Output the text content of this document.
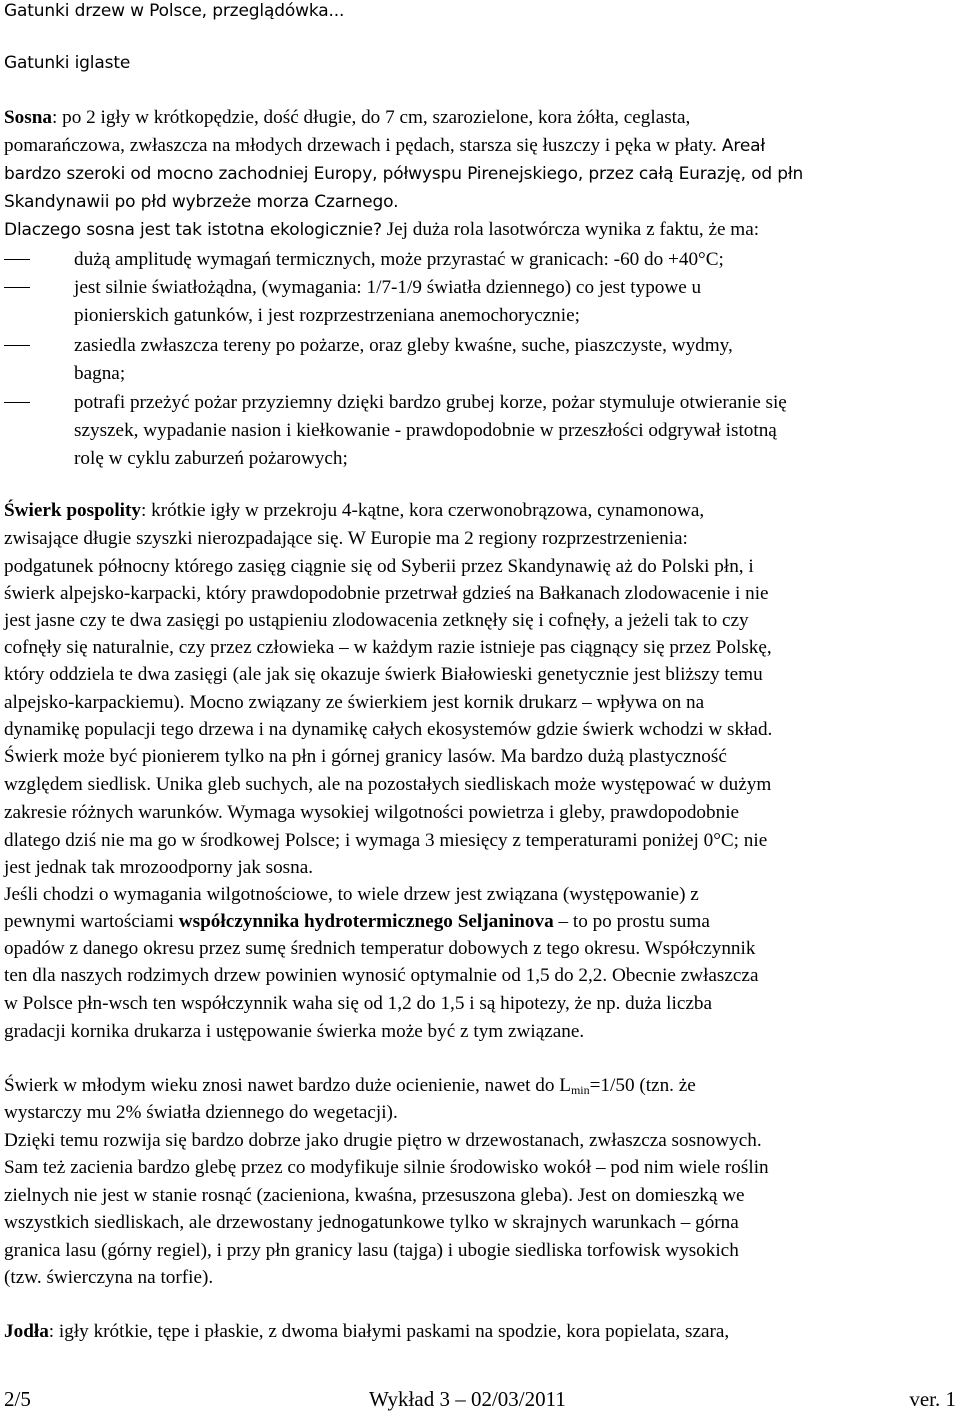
Gatunki drzew w Polsce, przeglądówka...
Gatunki iglaste
Sosna: po 2 igły w krótkopędzie, dość długie, do 7 cm, szarozielone, kora żółta, ceglasta,
pomarańczowa, zwłaszcza na młodych drzewach i pędach, starsza się łuszczy i pęka w płaty. Areał
bardzo szeroki od mocno zachodniej Europy, półwyspu Pirenejskiego, przez całą Eurazję, od płn
Skandynawii po płd wybrzeże morza Czarnego.
Dlaczego sosna jest tak istotna ekologicznie? Jej duża rola lasotwórcza wynika z faktu, że ma:
dużą amplitudę wymagań termicznych, może przyrastać w granicach: -60 do +40°C;
jest silnie światłożądna, (wymagania: 1/7-1/9 światła dziennego) co jest typowe u
pionierskich gatunków, i jest rozprzestrzeniana anemochorycznie;
zasiedla zwłaszcza tereny po pożarze, oraz gleby kwaśne, suche, piaszczyste, wydmy,
bagna;
potrafi przeżyć pożar przyziemny dzięki bardzo grubej korze, pożar stymuluje otwieranie się
szyszek, wypadanie nasion i kiełkowanie - prawdopodobnie w przeszłości odgrywał istotną
rolę w cyklu zaburzeń pożarowych;
Świerk pospolity: krótkie igły w przekroju 4-kątne, kora czerwonobrązowa, cynamonowa,
zwisające długie szyszki nierozpadające się. W Europie ma 2 regiony rozprzestrzenienia:
podgatunek północny którego zasięg ciągnie się od Syberii przez Skandynawię aż do Polski płn, i
świerk alpejsko-karpacki, który prawdopodobnie przetrwał gdzieś na Bałkanach zlodowacenie i nie
jest jasne czy te dwa zasięgi po ustąpieniu zlodowacenia zetknęły się i cofnęły, a jeżeli tak to czy
cofnęły się naturalnie, czy przez człowieka – w każdym razie istnieje pas ciągnący się przez Polskę,
który oddziela te dwa zasięgi (ale jak się okazuje świerk Białowieski genetycznie jest bliższy temu
alpejsko-karpackiemu). Mocno związany ze świerkiem jest kornik drukarz – wpływa on na
dynamikę populacji tego drzewa i na dynamikę całych ekosystemów gdzie świerk wchodzi w skład.
Świerk może być pionierem tylko na płn i górnej granicy lasów. Ma bardzo dużą plastyczność
względem siedlisk. Unika gleb suchych, ale na pozostałych siedliskach może występować w dużym
zakresie różnych warunków. Wymaga wysokiej wilgotności powietrza i gleby, prawdopodobnie
dlatego dziś nie ma go w środkowej Polsce; i wymaga 3 miesięcy z temperaturami poniżej 0°C; nie
jest jednak tak mrozoodporny jak sosna.
Jeśli chodzi o wymagania wilgotnościowe, to wiele drzew jest związana (występowanie) z
pewnymi wartościami współczynnika hydrotermicznego Seljaninova – to po prostu suma
opadów z danego okresu przez sumę średnich temperatur dobowych z tego okresu. Współczynnik
ten dla naszych rodzimych drzew powinien wynosić optymalnie od 1,5 do 2,2. Obecnie zwłaszcza
w Polsce płn-wsch ten współczynnik waha się od 1,2 do 1,5 i są hipotezy, że np. duża liczba
gradacji kornika drukarza i ustępowanie świerka może być z tym związane.
Świerk w młodym wieku znosi nawet bardzo duże ocienienie, nawet do $L_{min}=1/50$ (tzn. że
wystarczy mu 2% światła dziennego do wegetacji).
Dzięki temu rozwija się bardzo dobrze jako drugie piętro w drzewostanach, zwłaszcza sosnowych.
Sam też zacienia bardzo glebę przez co modyfikuje silnie środowisko wokół – pod nim wiele roślin
zielnych nie jest w stanie rosnąć (zacieniona, kwaśna, przesuszona gleba). Jest on domieszką we
wszystkich siedliskach, ale drzewostany jednogatunkowe tylko w skrajnych warunkach – górna
granica lasu (górny regiel), i przy płn granicy lasu (tajga) i ubogie siedliska torfowisk wysokich
(tzw. świerczyna na torfie).
Jodła: igły krótkie, tępe i płaskie, z dwoma białymi paskami na spodzie, kora popielata, szara,
2/5	Wykład 3 – 02/03/2011	ver. 1
